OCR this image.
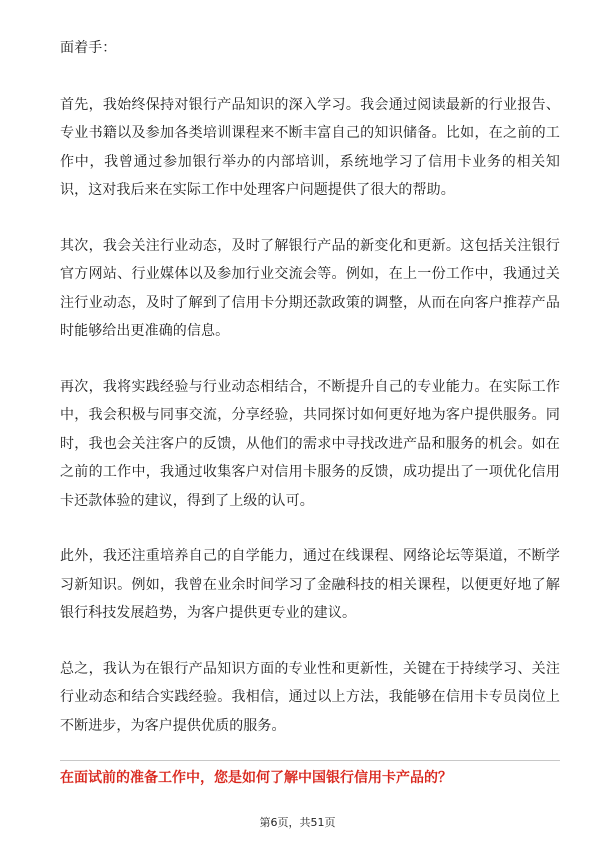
面着手：

首先，我始终保持对银行产品知识的深入学习。我会通过阅读最新的行业报告、专业书籍以及参加各类培训课程来不断丰富自己的知识储备。比如，在之前的工作中，我曾通过参加银行举办的内部培训，系统地学习了信用卡业务的相关知识，这对我后来在实际工作中处理客户问题提供了很大的帮助。

其次，我会关注行业动态，及时了解银行产品的新变化和更新。这包括关注银行官方网站、行业媒体以及参加行业交流会等。例如，在上一份工作中，我通过关注行业动态，及时了解到了信用卡分期还款政策的调整，从而在向客户推荐产品时能够给出更准确的信息。

再次，我将实践经验与行业动态相结合，不断提升自己的专业能力。在实际工作中，我会积极与同事交流，分享经验，共同探讨如何更好地为客户提供服务。同时，我也会关注客户的反馈，从他们的需求中寻找改进产品和服务的机会。如在之前的工作中，我通过收集客户对信用卡服务的反馈，成功提出了一项优化信用卡还款体验的建议，得到了上级的认可。

此外，我还注重培养自己的自学能力，通过在线课程、网络论坛等渠道，不断学习新知识。例如，我曾在业余时间学习了金融科技的相关课程，以便更好地了解银行科技发展趋势，为客户提供更专业的建议。

总之，我认为在银行产品知识方面的专业性和更新性，关键在于持续学习、关注行业动态和结合实践经验。我相信，通过以上方法，我能够在信用卡专员岗位上不断进步，为客户提供优质的服务。

在面试前的准备工作中，您是如何了解中国银行信用卡产品的？
第6页，共51页
